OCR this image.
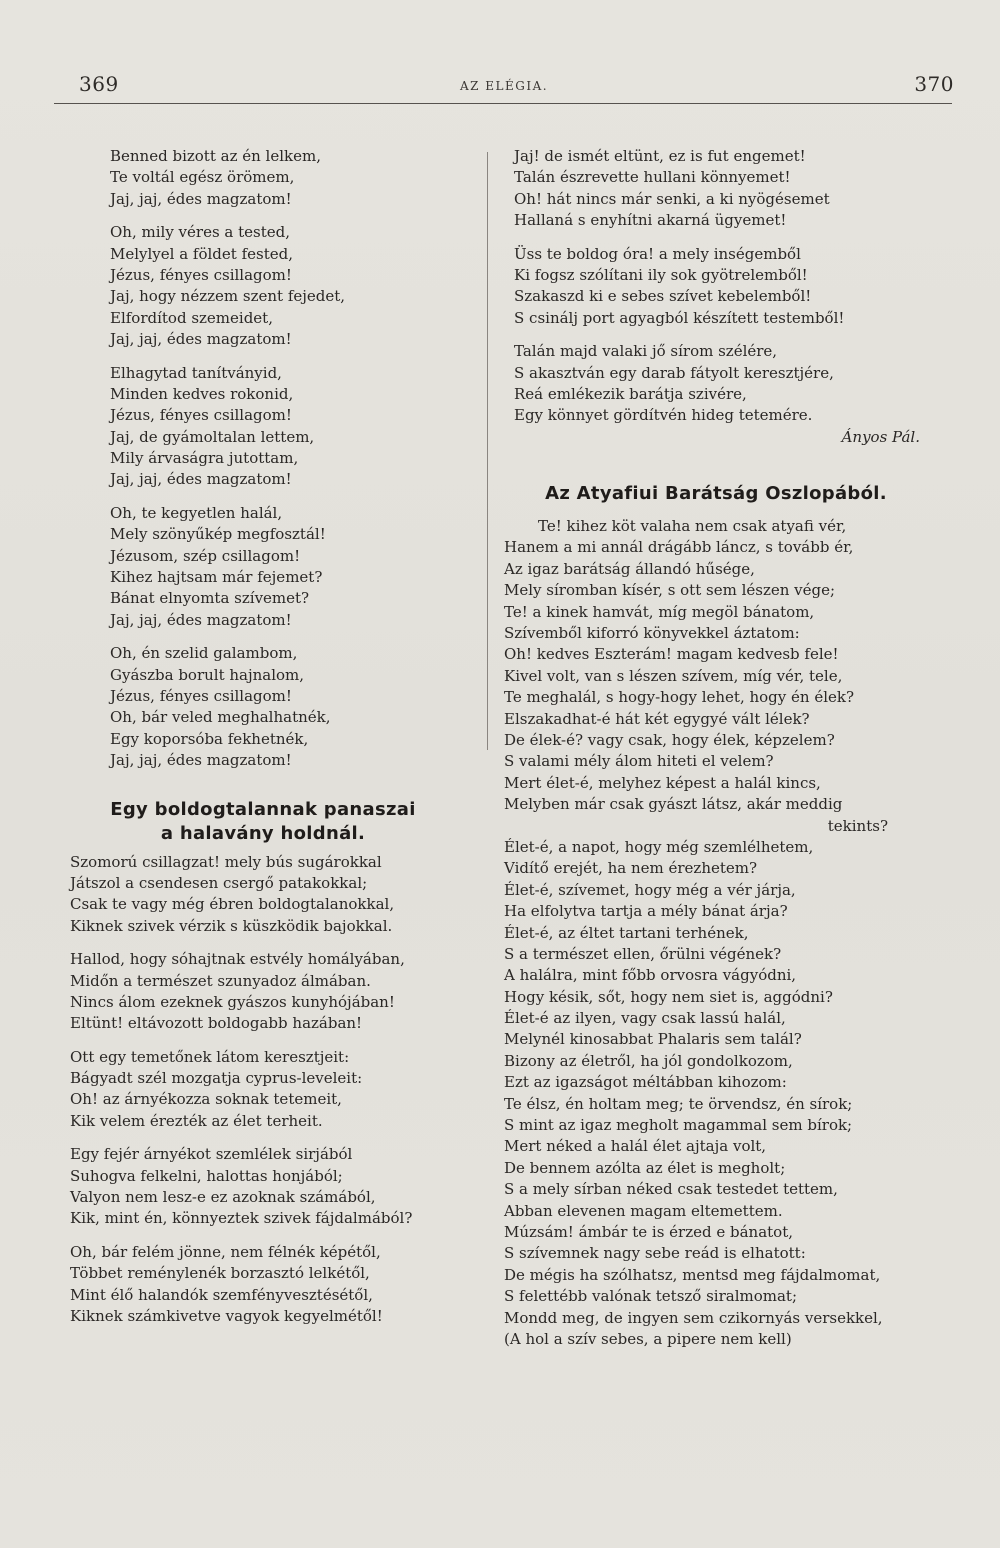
369	AZ ELÉGIA.	370
Benned bizott az én lelkem,
Te voltál egész örömem,
Jaj, jaj, édes magzatom!
Oh, mily véres a tested,
Melylyel a földet fested,
Jézus, fényes csillagom!
Jaj, hogy nézzem szent fejedet,
Elfordítod szemeidet,
Jaj, jaj, édes magzatom!
Elhagytad tanítványid,
Minden kedves rokonid,
Jézus, fényes csillagom!
Jaj, de gyámoltalan lettem,
Mily árvaságra jutottam,
Jaj, jaj, édes magzatom!
Oh, te kegyetlen halál,
Mely szönyűkép megfosztál!
Jézusom, szép csillagom!
Kihez hajtsam már fejemet?
Bánat elnyomta szívemet?
Jaj, jaj, édes magzatom!
Oh, én szelid galambom,
Gyászba borult hajnalom,
Jézus, fényes csillagom!
Oh, bár veled meghalhatnék,
Egy koporsóba fekhetnék,
Jaj, jaj, édes magzatom!
Egy boldogtalannak panaszai
a halavány holdnál.
Szomorú csillagzat! mely bús sugárokkal
Játszol a csendesen csergő patakokkal;
Csak te vagy még ébren boldogtalanokkal,
Kiknek szivek vérzik s küszködik bajokkal.
Hallod, hogy sóhajtnak estvély homályában,
Midőn a természet szunyadoz álmában.
Nincs álom ezeknek gyászos kunyhójában!
Eltünt! eltávozott boldogabb hazában!
Ott egy temetőnek látom keresztjeit:
Bágyadt szél mozgatja cyprus-leveleit:
Oh! az árnyékozza soknak tetemeit,
Kik velem érezték az élet terheit.
Egy fejér árnyékot szemlélek sirjából
Suhogva felkelni, halottas honjából;
Valyon nem lesz-e ez azoknak számából,
Kik, mint én, könnyeztek szivek fájdalmából?
Oh, bár felém jönne, nem félnék képétől,
Többet reménylenék borzasztó lelkétől,
Mint élő halandók szemfényvesztésétől,
Kiknek számkivetve vagyok kegyelmétől!
Jaj! de ismét eltünt, ez is fut engemet!
Talán észrevette hullani könnyemet!
Oh! hát nincs már senki, a ki nyögésemet
Hallaná s enyhítni akarná ügyemet!
Üss te boldog óra! a mely inségemből
Ki fogsz szólítani ily sok gyötrelemből!
Szakaszd ki e sebes szívet kebelemből!
S csinálj port agyagból készített testemből!
Talán majd valaki jő sírom szélére,
S akasztván egy darab fátyolt keresztjére,
Reá emlékezik barátja szivére,
Egy könnyet gördítvén hideg tetemére.
Ányos Pál.
Az Atyafiui Barátság Oszlopából.
Te! kihez köt valaha nem csak atyafi vér,
Hanem a mi annál drágább láncz, s tovább ér,
Az igaz barátság állandó hűsége,
Mely síromban kísér, s ott sem lészen vége;
Te! a kinek hamvát, míg megöl bánatom,
Szívemből kiforró könyvekkel áztatom:
Oh! kedves Eszterám! magam kedvesb fele!
Kivel volt, van s lészen szívem, míg vér, tele,
Te meghalál, s hogy-hogy lehet, hogy én élek?
Elszakadhat-é hát két egygyé vált lélek?
De élek-é? vagy csak, hogy élek, képzelem?
S valami mély álom hiteti el velem?
Mert élet-é, melyhez képest a halál kincs,
Melyben már csak gyászt látsz, akár meddig
tekints?
Élet-é, a napot, hogy még szemlélhetem,
Vidítő erejét, ha nem érezhetem?
Élet-é, szívemet, hogy még a vér járja,
Ha elfolytva tartja a mély bánat árja?
Élet-é, az éltet tartani terhének,
S a természet ellen, őrülni végének?
A halálra, mint főbb orvosra vágyódni,
Hogy késik, sőt, hogy nem siet is, aggódni?
Élet-é az ilyen, vagy csak lassú halál,
Melynél kinosabbat Phalaris sem talál?
Bizony az életről, ha jól gondolkozom,
Ezt az igazságot méltábban kihozom:
Te élsz, én holtam meg; te örvendsz, én sírok;
S mint az igaz megholt magammal sem bírok;
Mert néked a halál élet ajtaja volt,
De bennem azólta az élet is megholt;
S a mely sírban néked csak testedet tettem,
Abban elevenen magam eltemettem.
Múzsám! ámbár te is érzed e bánatot,
S szívemnek nagy sebe reád is elhatott:
De mégis ha szólhatsz, mentsd meg fájdalmomat,
S felettébb valónak tetsző siralmomat;
Mondd meg, de ingyen sem czikornyás versekkel,
(A hol a szív sebes, a pipere nem kell)
